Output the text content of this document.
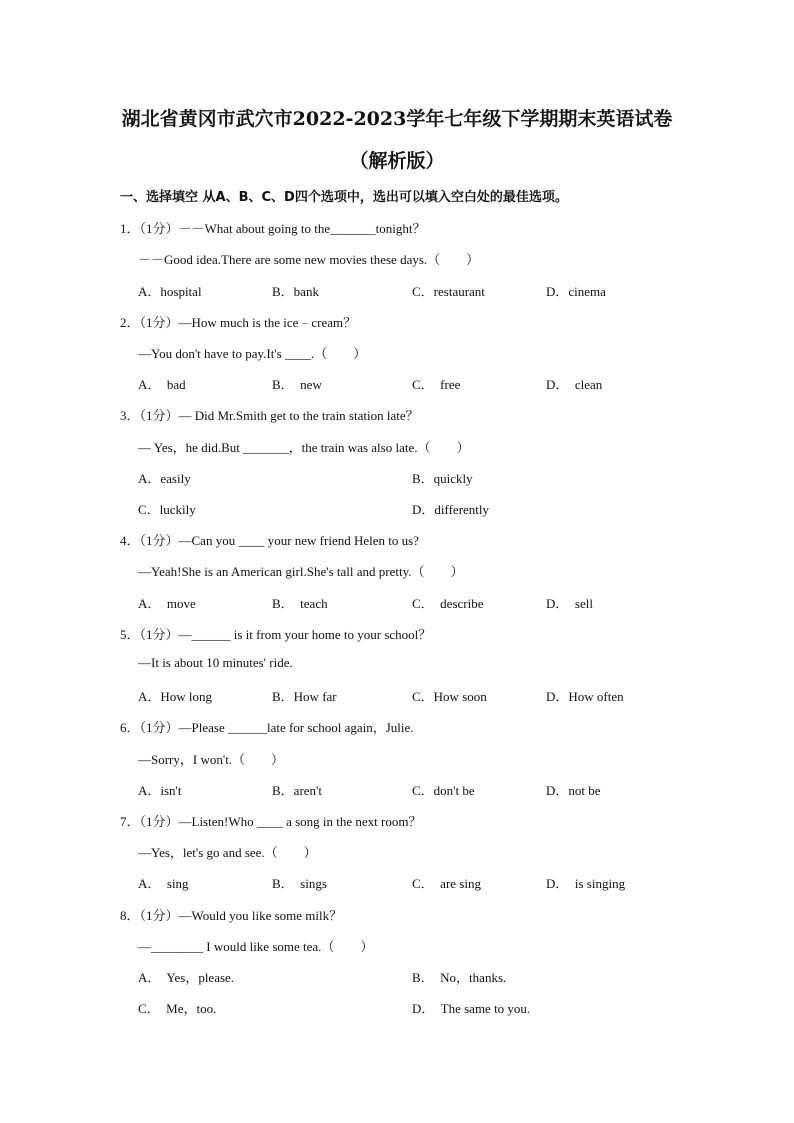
湖北省黄冈市武穴市2022-2023学年七年级下学期期末英语试卷
（解析版）
一、选择填空 从A、B、C、D四个选项中，选出可以填入空白处的最佳选项。
1．（1分）－－What about going to the_______tonight？
－－Good idea.There are some new movies these days.（　　）
A．hospital	B．bank	C．restaurant	D．cinema
2．（1分）—How much is the ice﹣cream？
—You don't have to pay.It's ____.（　　）
A．  bad	B．  new	C．  free	D．  clean
3．（1分）— Did Mr.Smith get to the train station late？
— Yes，he did.But _______，the train was also late.（　　）
A．easily	B．quickly
C．luckily	D．differently
4．（1分）—Can you ____ your new friend Helen to us?
—Yeah!She is an American girl.She's tall and pretty.（　　）
A．  move	B．  teach	C．  describe	D．  sell
5．（1分）—______ is it from your home to your school？
—It is about 10 minutes' ride.
A．How long	B．How far	C．How soon	D．How often
6．（1分）—Please ______late for school again，Julie.
—Sorry，I won't.（　　）
A．isn't	B．aren't	C．don't be	D．not be
7．（1分）—Listen!Who ____ a song in the next room？
—Yes，let's go and see.（　　）
A．  sing	B．  sings	C．  are sing	D．  is singing
8．（1分）—Would you like some milk？
—________ I would like some tea.（　　）
A．  Yes，please.	B．  No，thanks.
C．  Me，too.	D．  The same to you.
